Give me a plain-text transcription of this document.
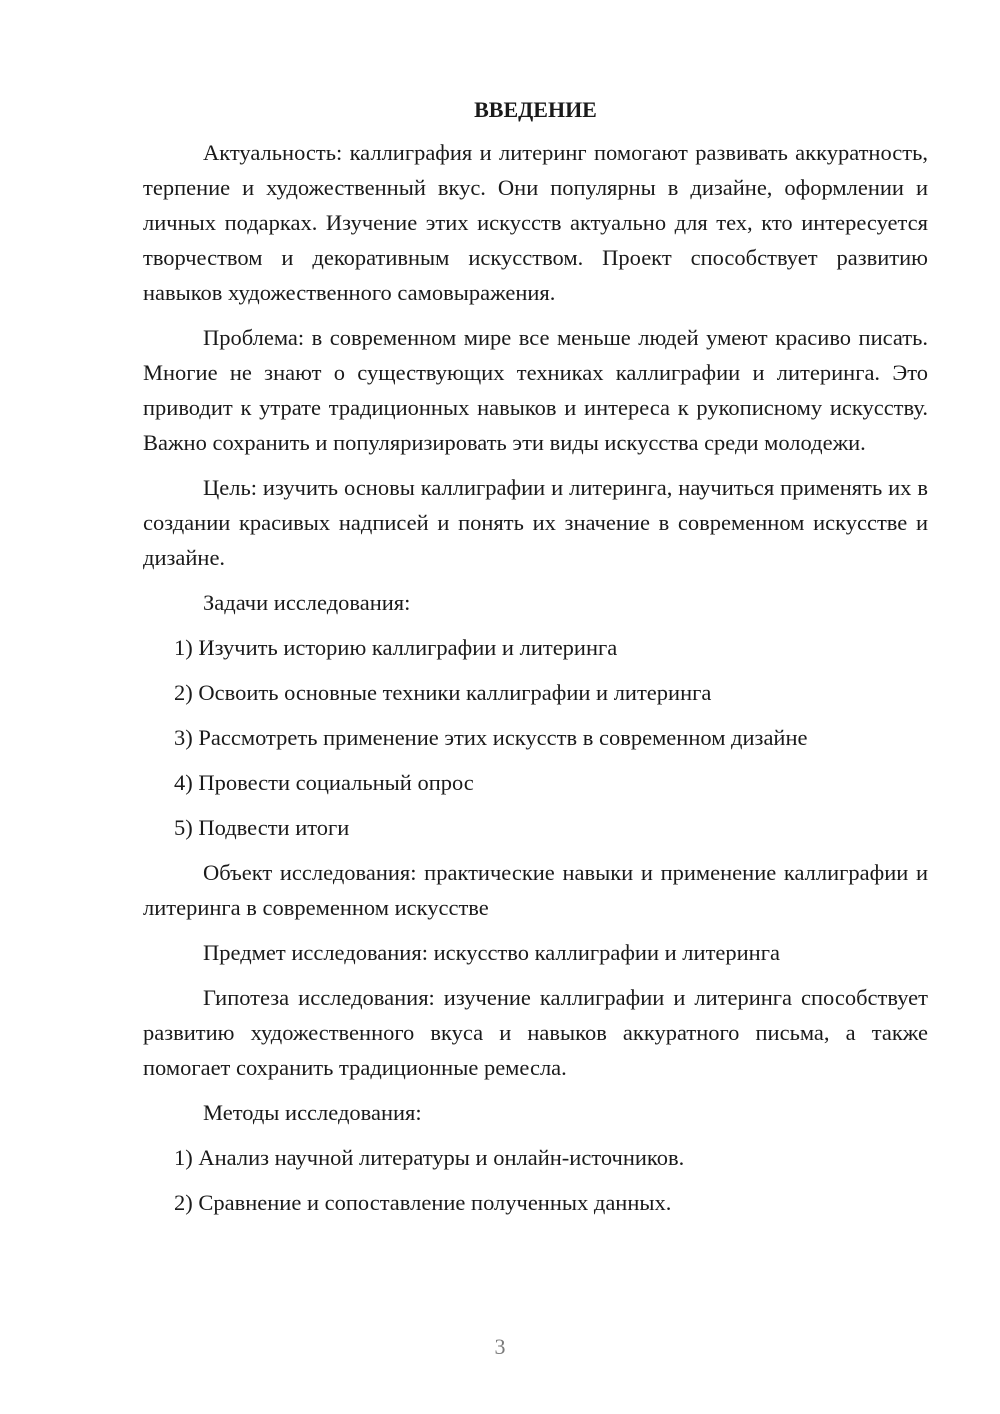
ВВЕДЕНИЕ

Актуальность: каллиграфия и литеринг помогают развивать аккуратность, терпение и художественный вкус. Они популярны в дизайне, оформлении и личных подарках. Изучение этих искусств актуально для тех, кто интересуется творчеством и декоративным искусством. Проект способствует развитию навыков художественного самовыражения.

Проблема: в современном мире все меньше людей умеют красиво писать. Многие не знают о существующих техниках каллиграфии и литеринга. Это приводит к утрате традиционных навыков и интереса к рукописному искусству. Важно сохранить и популяризировать эти виды искусства среди молодежи.

Цель: изучить основы каллиграфии и литеринга, научиться применять их в создании красивых надписей и понять их значение в современном искусстве и дизайне.

Задачи исследования:

1) Изучить историю каллиграфии и литеринга

2) Освоить основные техники каллиграфии и литеринга

3) Рассмотреть применение этих искусств в современном дизайне

4) Провести социальный опрос

5) Подвести итоги

Объект исследования: практические навыки и применение каллиграфии и литеринга в современном искусстве

Предмет исследования: искусство каллиграфии и литеринга

Гипотеза исследования: изучение каллиграфии и литеринга способствует развитию художественного вкуса и навыков аккуратного письма, а также помогает сохранить традиционные ремесла.

Методы исследования:

1) Анализ научной литературы и онлайн-источников.

2) Сравнение и сопоставление полученных данных.

3
